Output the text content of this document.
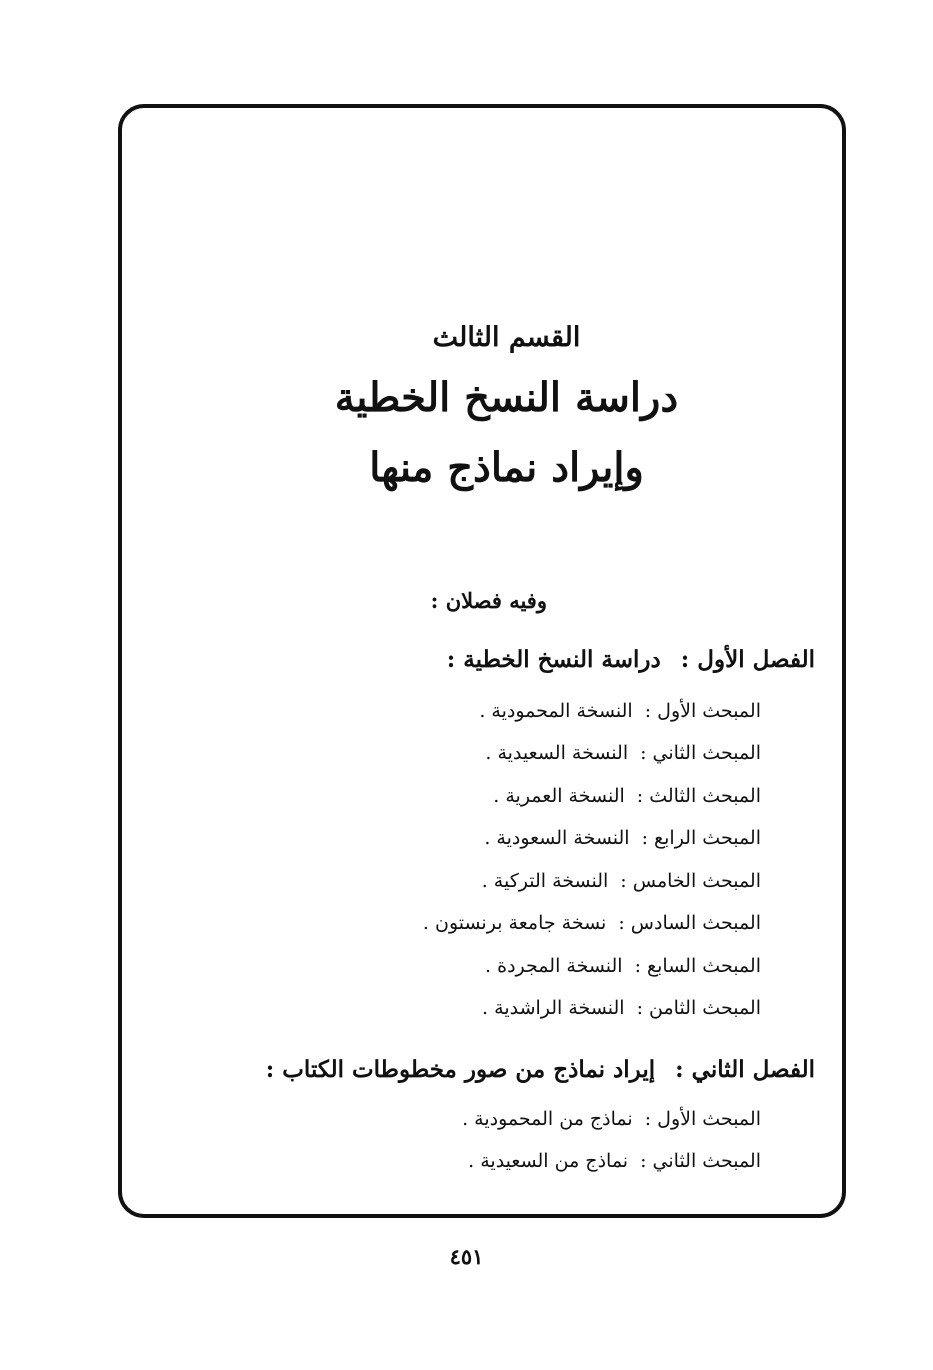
القسم الثالث
دراسة النسخ الخطية
وإيراد نماذج منها
وفيه فصلان :
الفصل الأول : دراسة النسخ الخطية :
المبحث الأول :النسخة المحمودية .
المبحث الثاني :النسخة السعيدية .
المبحث الثالث :النسخة العمرية .
المبحث الرابع :النسخة السعودية .
المبحث الخامس :النسخة التركية .
المبحث السادس :نسخة جامعة برنستون .
المبحث السابع :النسخة المجردة .
المبحث الثامن :النسخة الراشدية .
الفصل الثاني : إيراد نماذج من صور مخطوطات الكتاب :
المبحث الأول :نماذج من المحمودية .
المبحث الثاني :نماذج من السعيدية .
٤٥١
